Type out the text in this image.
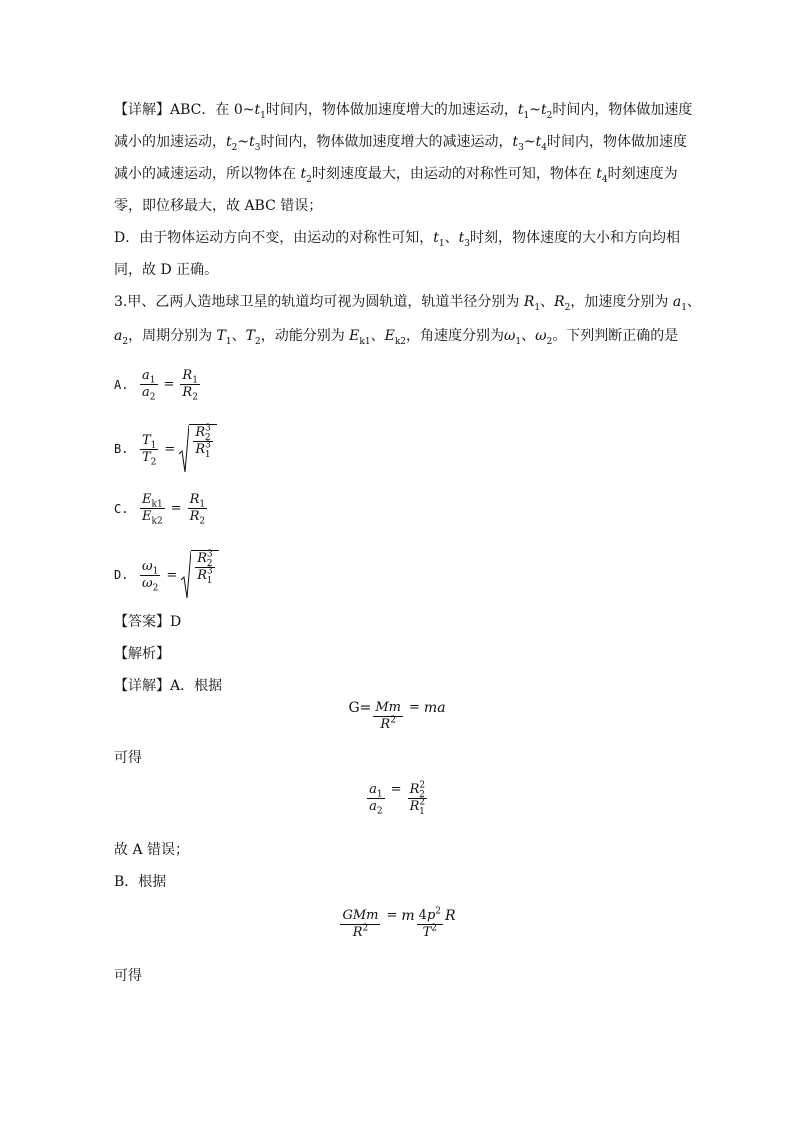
【详解】ABC．在 $0\sim t_1$时间内，物体做加速度增大的加速运动，$t_1\sim t_2$时间内，物体做加速度
减小的加速运动，$t_2\sim t_3$时间内，物体做加速度增大的减速运动，$t_3\sim t_4$时间内，物体做加速度
减小的减速运动，所以物体在 $t_2$时刻速度最大，由运动的对称性可知，物体在 $t_4$时刻速度为
零，即位移最大，故 ABC 错误；
D．由于物体运动方向不变，由运动的对称性可知，$t_1$、$t_3$时刻，物体速度的大小和方向均相
同，故 D 正确。
3.甲、乙两人造地球卫星的轨道均可视为圆轨道，轨道半径分别为 $R_1$、$R_2$，加速度分别为 $a_1$、
$a_2$，周期分别为 $T_1$、$T_2$，动能分别为 $E_{k1}$、$E_{k2}$，角速度分别为$\omega_1$、$\omega_2$。下列判断正确的是
A. $\frac{a_1}{a_2} = \frac{R_1}{R_2}$
B. $\frac{T_1}{T_2} = \frac{R^3_2}{R^3_1}$
C. $\frac{E_{k1}}{E_{k2}} = \frac{R_1}{R_2}$
D. $\frac{\omega_1}{\omega_2} = \frac{R^3_2}{R^3_1}$
【答案】D
【解析】
【详解】A．根据
$G= \frac{Mm}{R^2}$ = ma
可得
$\frac{a_1}{a_2} = \frac{R^2_2}{R^2_1}$
故 A 错误；
B．根据
$\frac{\text{GMm}}{R^2} = m \frac{4p^2}{T^2}$ R
可得
